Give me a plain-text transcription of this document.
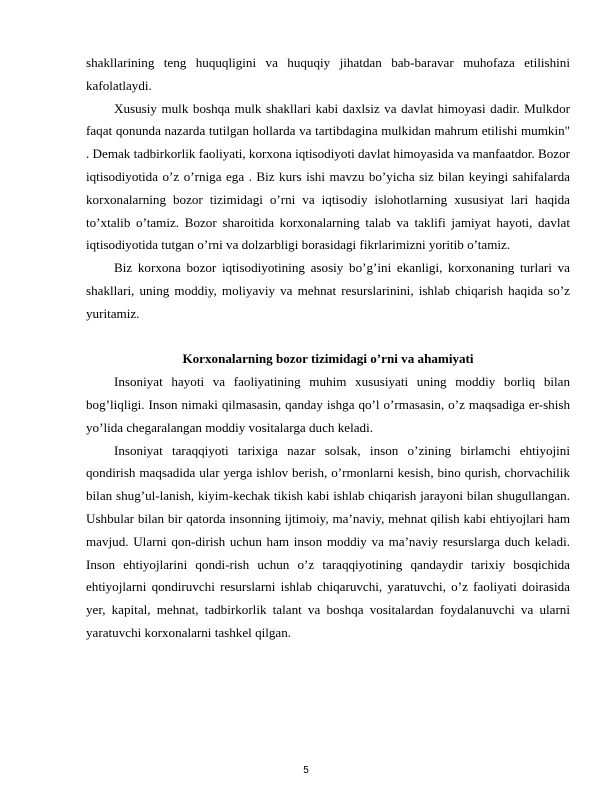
shakllarining teng huquqligini va huquqiy jihatdan bab-baravar muhofaza etilishini kafolatlaydi.

Xususiy mulk boshqa mulk shakllari kabi daxlsiz va davlat himoyasi dadir. Mulkdor faqat qonunda nazarda tutilgan hollarda va tartibdagina mulkidan mahrum etilishi mumkin" . Demak tadbirkorlik faoliyati, korxona iqtisodiyoti davlat himoyasida va manfaatdor. Bozor iqtisodiyotida o’z o’rniga ega . Biz kurs ishi mavzu bo’yicha siz bilan keyingi sahifalarda korxonalarning bozor tizimidagi o’rni va iqtisodiy islohotlarning xususiyat lari haqida to’xtalib o’tamiz. Bozor sharoitida korxonalarning talab va taklifi jamiyat hayoti, davlat iqtisodiyotida tutgan o’rni va dolzarbligi borasidagi fikrlarimizni yoritib o’tamiz.

Biz korxona bozor iqtisodiyotining asosiy bo’g’ini ekanligi, korxonaning turlari va shakllari, uning moddiy, moliyaviy va mehnat resurslarinini, ishlab chiqarish haqida so’z yuritamiz.

Korxonalarning bozor tizimidagi o’rni va ahamiyati

Insoniyat hayoti va faoliyatining muhim xususiyati uning moddiy borliq bilan bog’liqligi. Inson nimaki qilmasasin, qanday ishga qo’l o’rmasasin, o’z maqsadiga er-shish yo’lida chegaralangan moddiy vositalarga duch keladi.

Insoniyat taraqqiyoti tarixiga nazar solsak, inson o’zining birlamchi ehtiyojini qondirish maqsadida ular yerga ishlov berish, o’rmonlarni kesish, bino qurish, chorvachilik bilan shug’ul-lanish, kiyim-kechak tikish kabi ishlab chiqarish jarayoni bilan shugullangan. Ushbular bilan bir qatorda insonning ijtimoiy, ma’naviy, mehnat qilish kabi ehtiyojlari ham mavjud. Ularni qon-dirish uchun ham inson moddiy va ma’naviy resurslarga duch keladi. Inson ehtiyojlarini qondi-rish uchun o’z taraqqiyotining qandaydir tarixiy bosqichida ehtiyojlarni qondiruvchi resurslarni ishlab chiqaruvchi, yaratuvchi, o’z faoliyati doirasida yer, kapital, mehnat, tadbirkorlik talant va boshqa vositalardan foydalanuvchi va ularni yaratuvchi korxonalarni tashkel qilgan.

5
